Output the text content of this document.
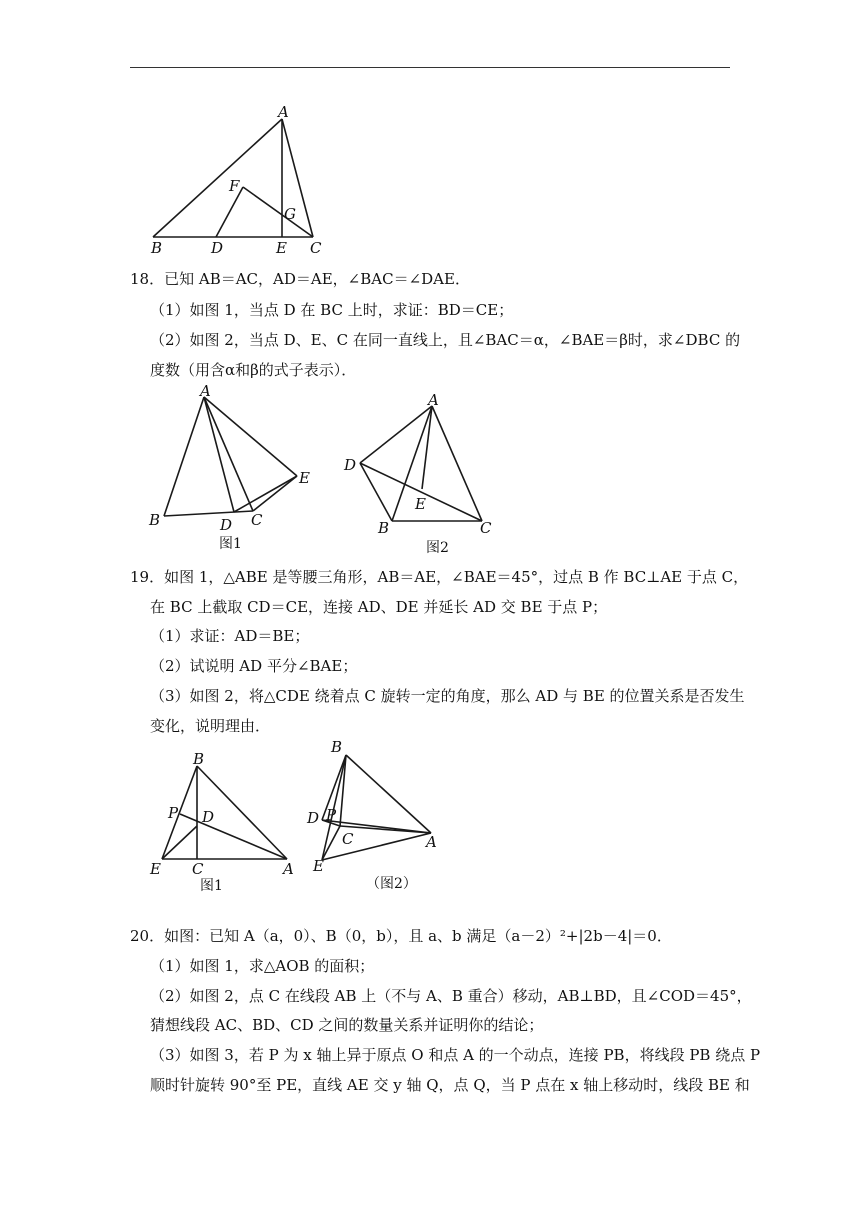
A
F
G
B	D	E C
18．已知 AB＝AC，AD＝AE，∠BAC＝∠DAE．
（1）如图 1，当点 D 在 BC 上时，求证：BD＝CE；
（2）如图 2，当点 D、E、C 在同一直线上，且∠BAC＝α，∠BAE＝β时，求∠DBC 的
度数（用含α和β的式子表示）．
A
E
B	D C
图1
A
D
E
B	C
图2
19．如图 1，△ABE 是等腰三角形，AB＝AE，∠BAE＝45°，过点 B 作 BC⊥AE 于点 C，
在 BC 上截取 CD＝CE，连接 AD、DE 并延长 AD 交 BE 于点 P；
（1）求证：AD＝BE；
（2）试说明 AD 平分∠BAE；
（3）如图 2，将△CDE 绕着点 C 旋转一定的角度，那么 AD 与 BE 的位置关系是否发生
变化，说明理由．
B
P D
E C	A
图1
B
D P
C	A
E
（图2）
20．如图：已知 A（a，0）、B（0，b），且 a、b 满足（a－2）²+|2b－4|＝0．
（1）如图 1，求△AOB 的面积；
（2）如图 2，点 C 在线段 AB 上（不与 A、B 重合）移动，AB⊥BD，且∠COD＝45°，
猜想线段 AC、BD、CD 之间的数量关系并证明你的结论；
（3）如图 3，若 P 为 x 轴上异于原点 O 和点 A 的一个动点，连接 PB，将线段 PB 绕点 P
顺时针旋转 90°至 PE，直线 AE 交 y 轴 Q，点 Q，当 P 点在 x 轴上移动时，线段 BE 和
